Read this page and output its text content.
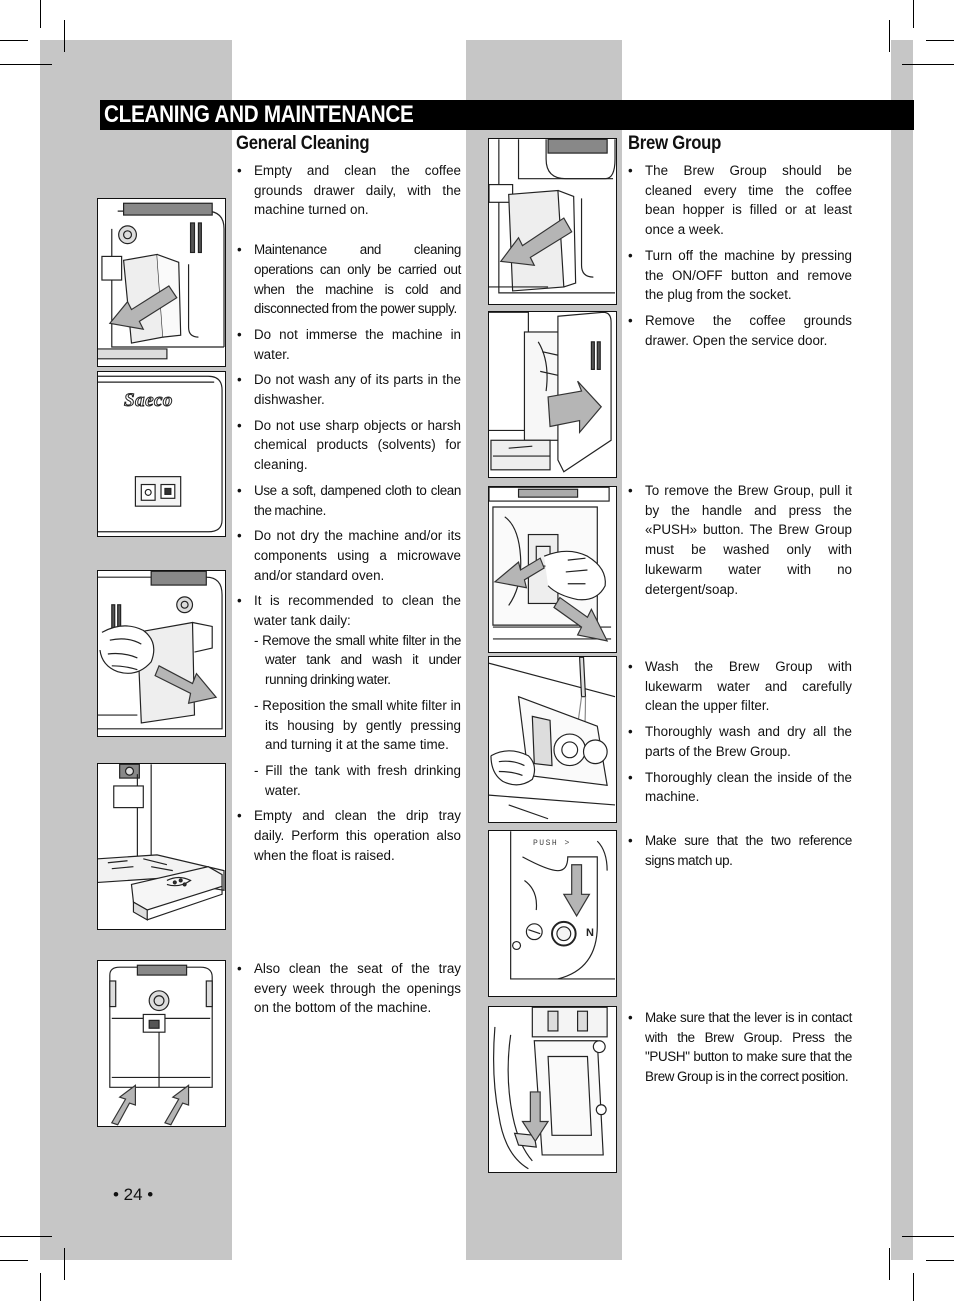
CLEANING AND MAINTENANCE
General Cleaning	Brew Group
• Empty and clean the coffee grounds drawer daily, with the machine turned on.
• Maintenance and cleaning operations can only be carried out when the machine is cold and disconnected from the power supply.
• Do not immerse the machine in water.
• Do not wash any of its parts in the dishwasher.
• Do not use sharp objects or harsh chemical products (solvents) for cleaning.
• Use a soft, dampened cloth to clean the machine.
• Do not dry the machine and/or its components using a microwave and/or standard oven.
• It is recommended to clean the water tank daily:
- Remove the small white filter in the water tank and wash it under running drinking water.
- Reposition the small white filter in its housing by gently pressing and turning it at the same time.
- Fill the tank with fresh drinking water.
• Empty and clean the drip tray daily. Perform this operation also when the float is raised.
• Also clean the seat of the tray every week through the openings on the bottom of the machine.
• The Brew Group should be cleaned every time the coffee bean hopper is filled or at least once a week.
• Turn off the machine by pressing the ON/OFF button and remove the plug from the socket.
• Remove the coffee grounds drawer. Open the service door.
• To remove the Brew Group, pull it by the handle and press the «PUSH» button. The Brew Group must be washed only with lukewarm water with no detergent/soap.
• Wash the Brew Group with lukewarm water and carefully clean the upper filter.
• Thoroughly wash and dry all the parts of the Brew Group.
• Thoroughly clean the inside of the machine.
• Make sure that the two reference signs match up.
• Make sure that the lever is in contact with the Brew Group. Press the "PUSH" button to make sure that the Brew Group is in the correct position.
Saeco
PUSH >
N
• 24 •
